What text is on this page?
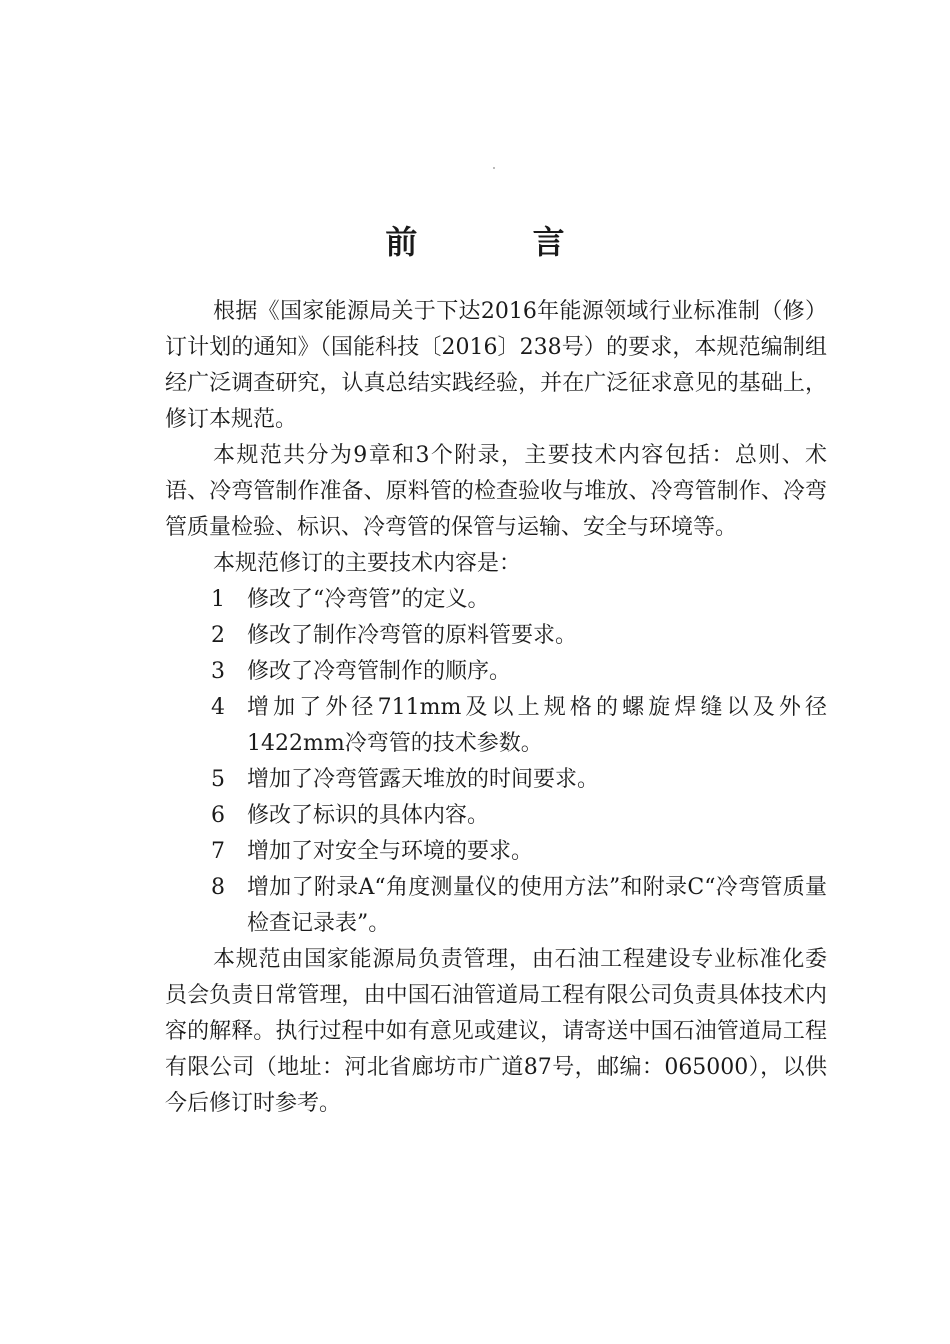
前 言

根据《国家能源局关于下达2016年能源领域行业标准制（修）订计划的通知》（国能科技〔2016〕238号）的要求，本规范编制组经广泛调查研究，认真总结实践经验，并在广泛征求意见的基础上，修订本规范。

本规范共分为9章和3个附录，主要技术内容包括：总则、术语、冷弯管制作准备、原料管的检查验收与堆放、冷弯管制作、冷弯管质量检验、标识、冷弯管的保管与运输、安全与环境等。

本规范修订的主要技术内容是：

1	修改了“冷弯管”的定义。
2	修改了制作冷弯管的原料管要求。
3	修改了冷弯管制作的顺序。
4	增加了外径711mm及以上规格的螺旋焊缝以及外径1422mm冷弯管的技术参数。
5	增加了冷弯管露天堆放的时间要求。
6	修改了标识的具体内容。
7	增加了对安全与环境的要求。
8	增加了附录A“角度测量仪的使用方法”和附录C“冷弯管质量检查记录表”。

本规范由国家能源局负责管理，由石油工程建设专业标准化委员会负责日常管理，由中国石油管道局工程有限公司负责具体技术内容的解释。执行过程中如有意见或建议，请寄送中国石油管道局工程有限公司（地址：河北省廊坊市广道87号，邮编：065000），以供今后修订时参考。
